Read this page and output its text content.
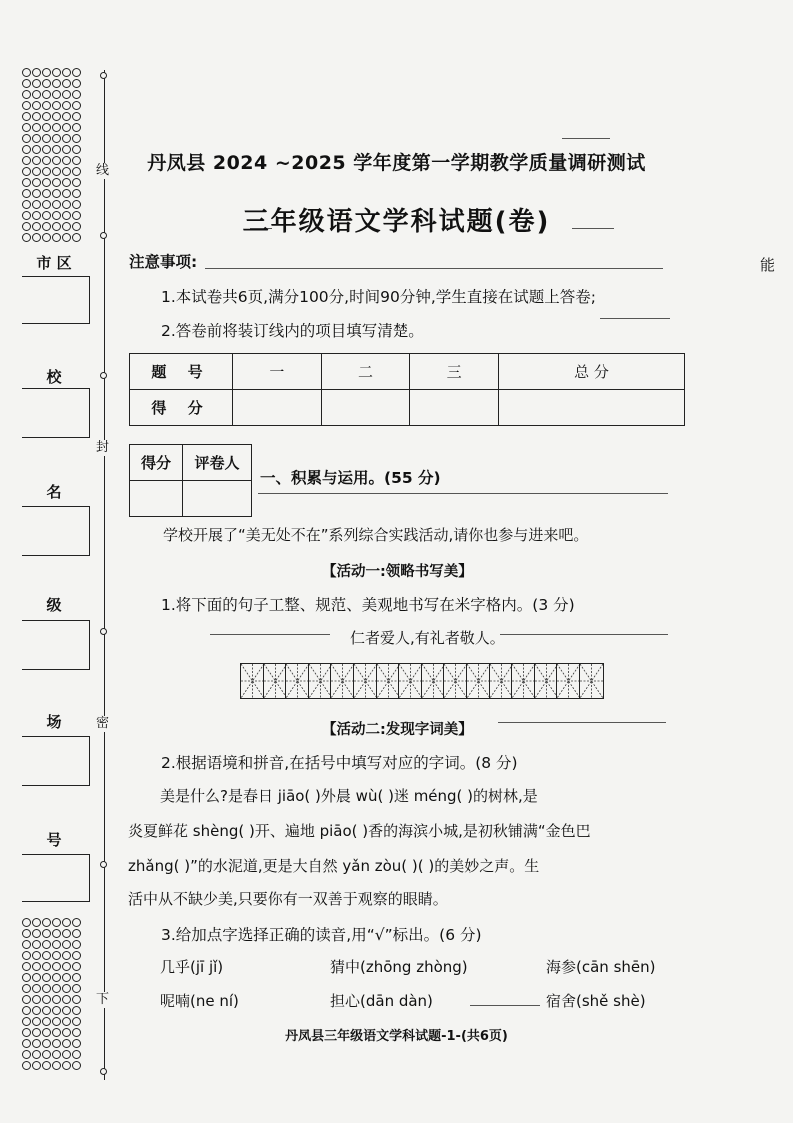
线
封
密
下
市 区
校
名
级
场
号
能
丹凤县 2024 ~2025 学年度第一学期教学质量调研测试
三年级语文学科试题(卷)
注意事项:
1.本试卷共6页,满分100分,时间90分钟,学生直接在试题上答卷;
2.答卷前将装订线内的项目填写清楚。
题 号	一	二	三	总 分
得 分				
得分	评卷人

一、积累与运用。(55 分)
学校开展了“美无处不在”系列综合实践活动,请你也参与进来吧。
【活动一:领略书写美】
1.将下面的句子工整、规范、美观地书写在米字格内。(3 分)
仁者爱人,有礼者敬人。
【活动二:发现字词美】
2.根据语境和拼音,在括号中填写对应的字词。(8 分)
美是什么?是春日 jiāo( )外晨 wù( )迷 méng( )的树林,是
炎夏鲜花 shèng( )开、遍地 piāo( )香的海滨小城,是初秋铺满“金色巴
zhǎng( )”的水泥道,更是大自然 yǎn zòu( )( )的美妙之声。生
活中从不缺少美,只要你有一双善于观察的眼睛。
3.给加点字选择正确的读音,用“√”标出。(6 分)
几乎(jī jǐ)	猜中(zhōng zhòng)	海参(cān shēn)
呢喃(ne ní)	担心(dān dàn)	宿舍(shě shè)
丹凤县三年级语文学科试题-1-(共6页)
